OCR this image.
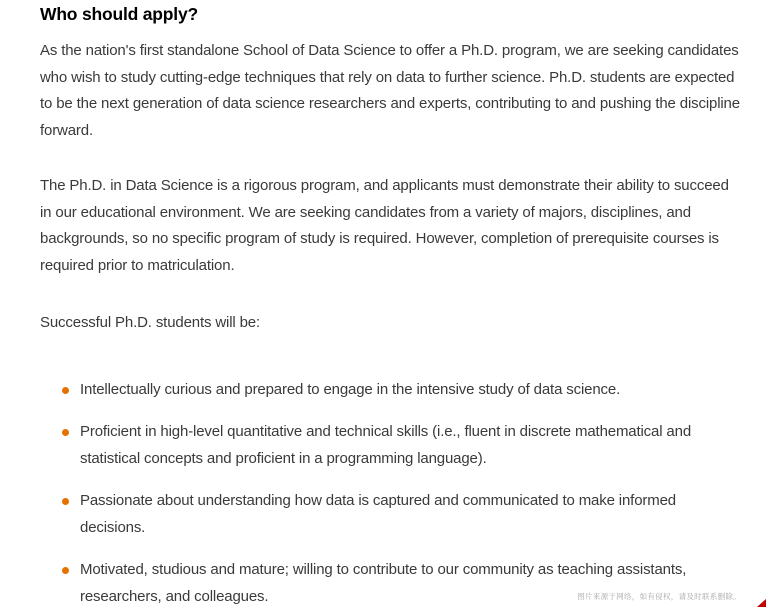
Who should apply?

As the nation's first standalone School of Data Science to offer a Ph.D. program, we are seeking candidates who wish to study cutting-edge techniques that rely on data to further science. Ph.D. students are expected to be the next generation of data science researchers and experts, contributing to and pushing the discipline forward.

The Ph.D. in Data Science is a rigorous program, and applicants must demonstrate their ability to succeed in our educational environment. We are seeking candidates from a variety of majors, disciplines, and backgrounds, so no specific program of study is required. However, completion of prerequisite courses is required prior to matriculation.

Successful Ph.D. students will be:

Intellectually curious and prepared to engage in the intensive study of data science.
Proficient in high-level quantitative and technical skills (i.e., fluent in discrete mathematical and statistical concepts and proficient in a programming language).
Passionate about understanding how data is captured and communicated to make informed decisions.
Motivated, studious and mature; willing to contribute to our community as teaching assistants, researchers, and colleagues.	图片来源于网络，如有侵权，请及时联系删除。
